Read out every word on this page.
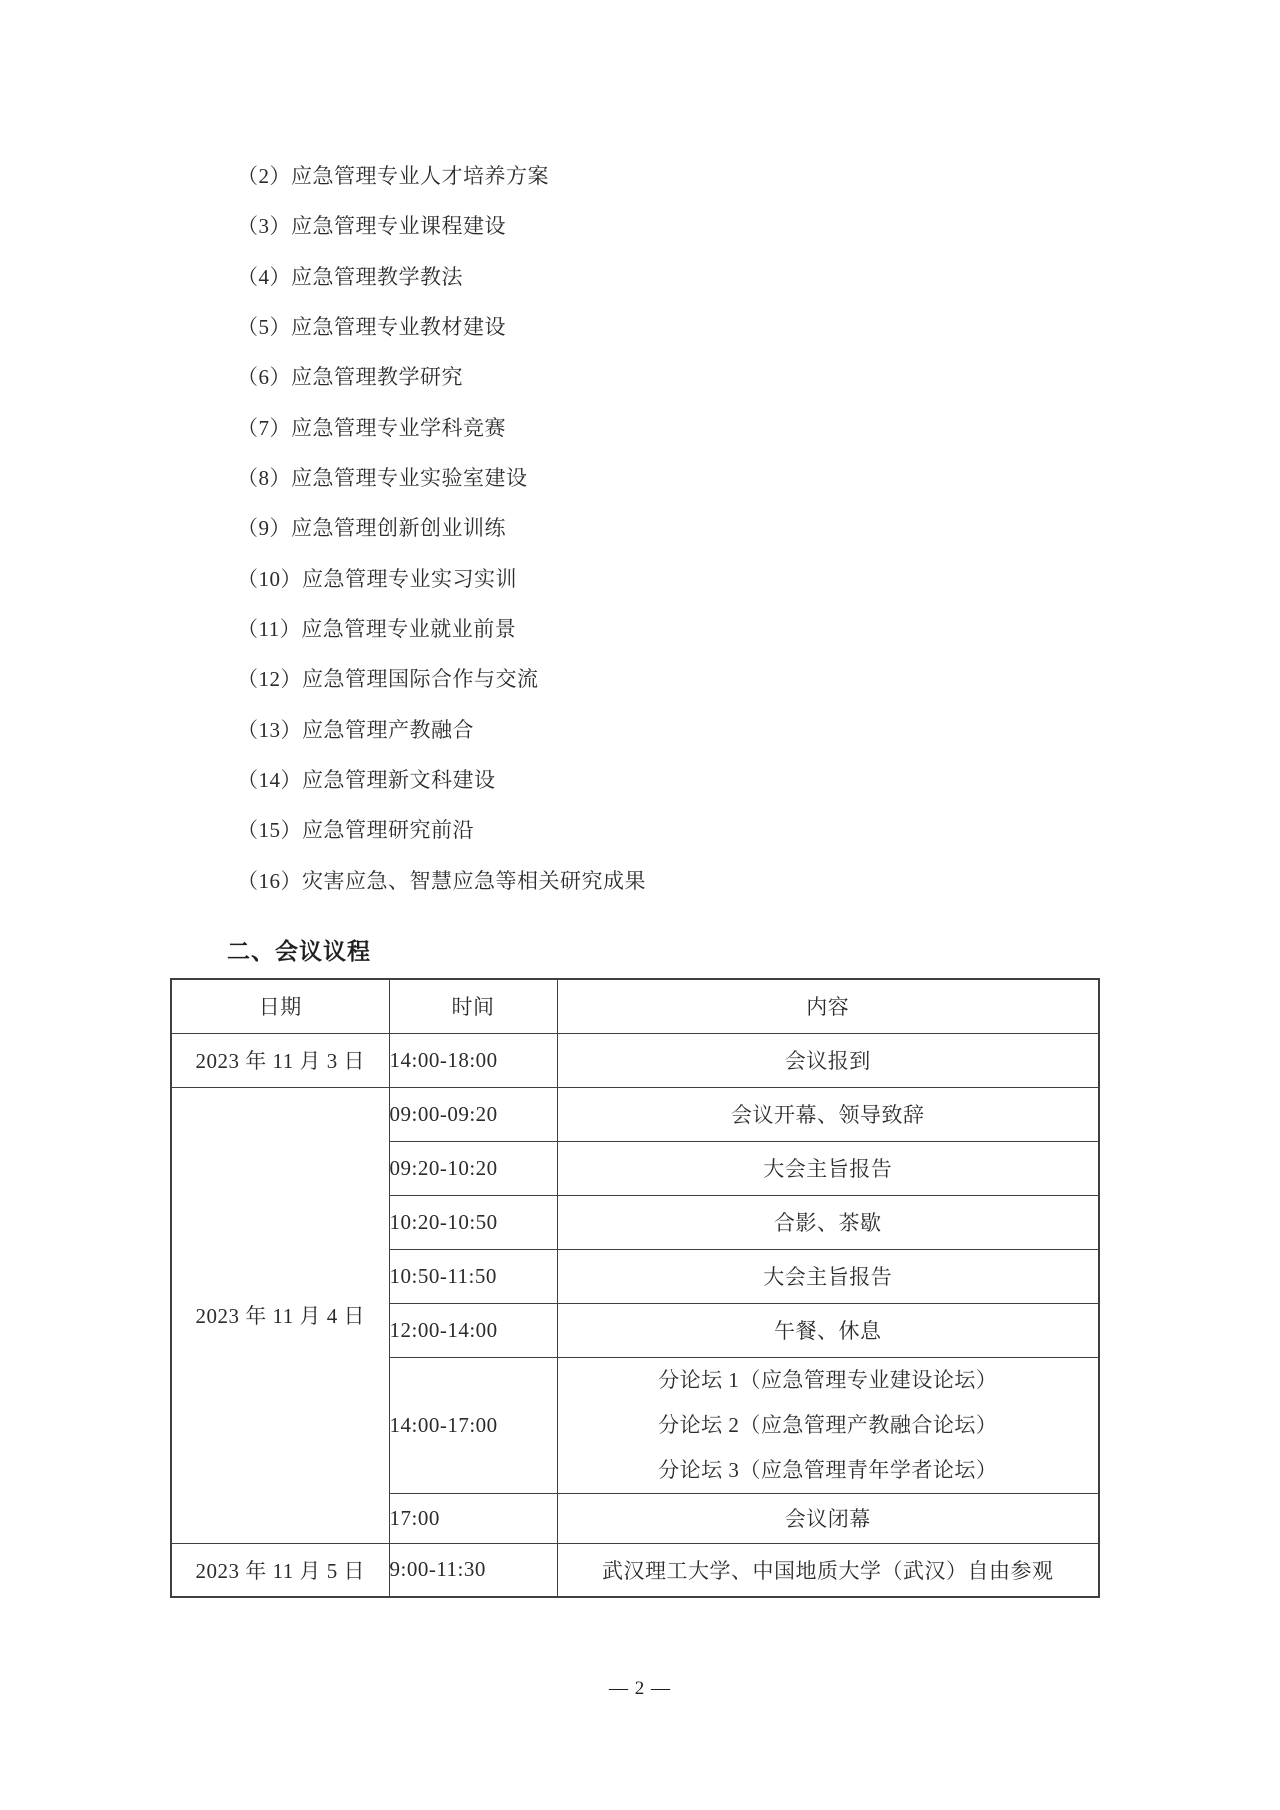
（2）应急管理专业人才培养方案
（3）应急管理专业课程建设
（4）应急管理教学教法
（5）应急管理专业教材建设
（6）应急管理教学研究
（7）应急管理专业学科竞赛
（8）应急管理专业实验室建设
（9）应急管理创新创业训练
（10）应急管理专业实习实训
（11）应急管理专业就业前景
（12）应急管理国际合作与交流
（13）应急管理产教融合
（14）应急管理新文科建设
（15）应急管理研究前沿
（16）灾害应急、智慧应急等相关研究成果
二、会议议程
日期	时间	内容
2023 年 11 月 3 日	14:00-18:00	会议报到
2023 年 11 月 4 日	09:00-09:20	会议开幕、领导致辞
	09:20-10:20	大会主旨报告
	10:20-10:50	合影、茶歇
	10:50-11:50	大会主旨报告
	12:00-14:00	午餐、休息
	14:00-17:00	分论坛 1（应急管理专业建设论坛）
分论坛 2（应急管理产教融合论坛）
分论坛 3（应急管理青年学者论坛）

	17:00	会议闭幕
2023 年 11 月 5 日	9:00-11:30	武汉理工大学、中国地质大学（武汉）自由参观
— 2 —
